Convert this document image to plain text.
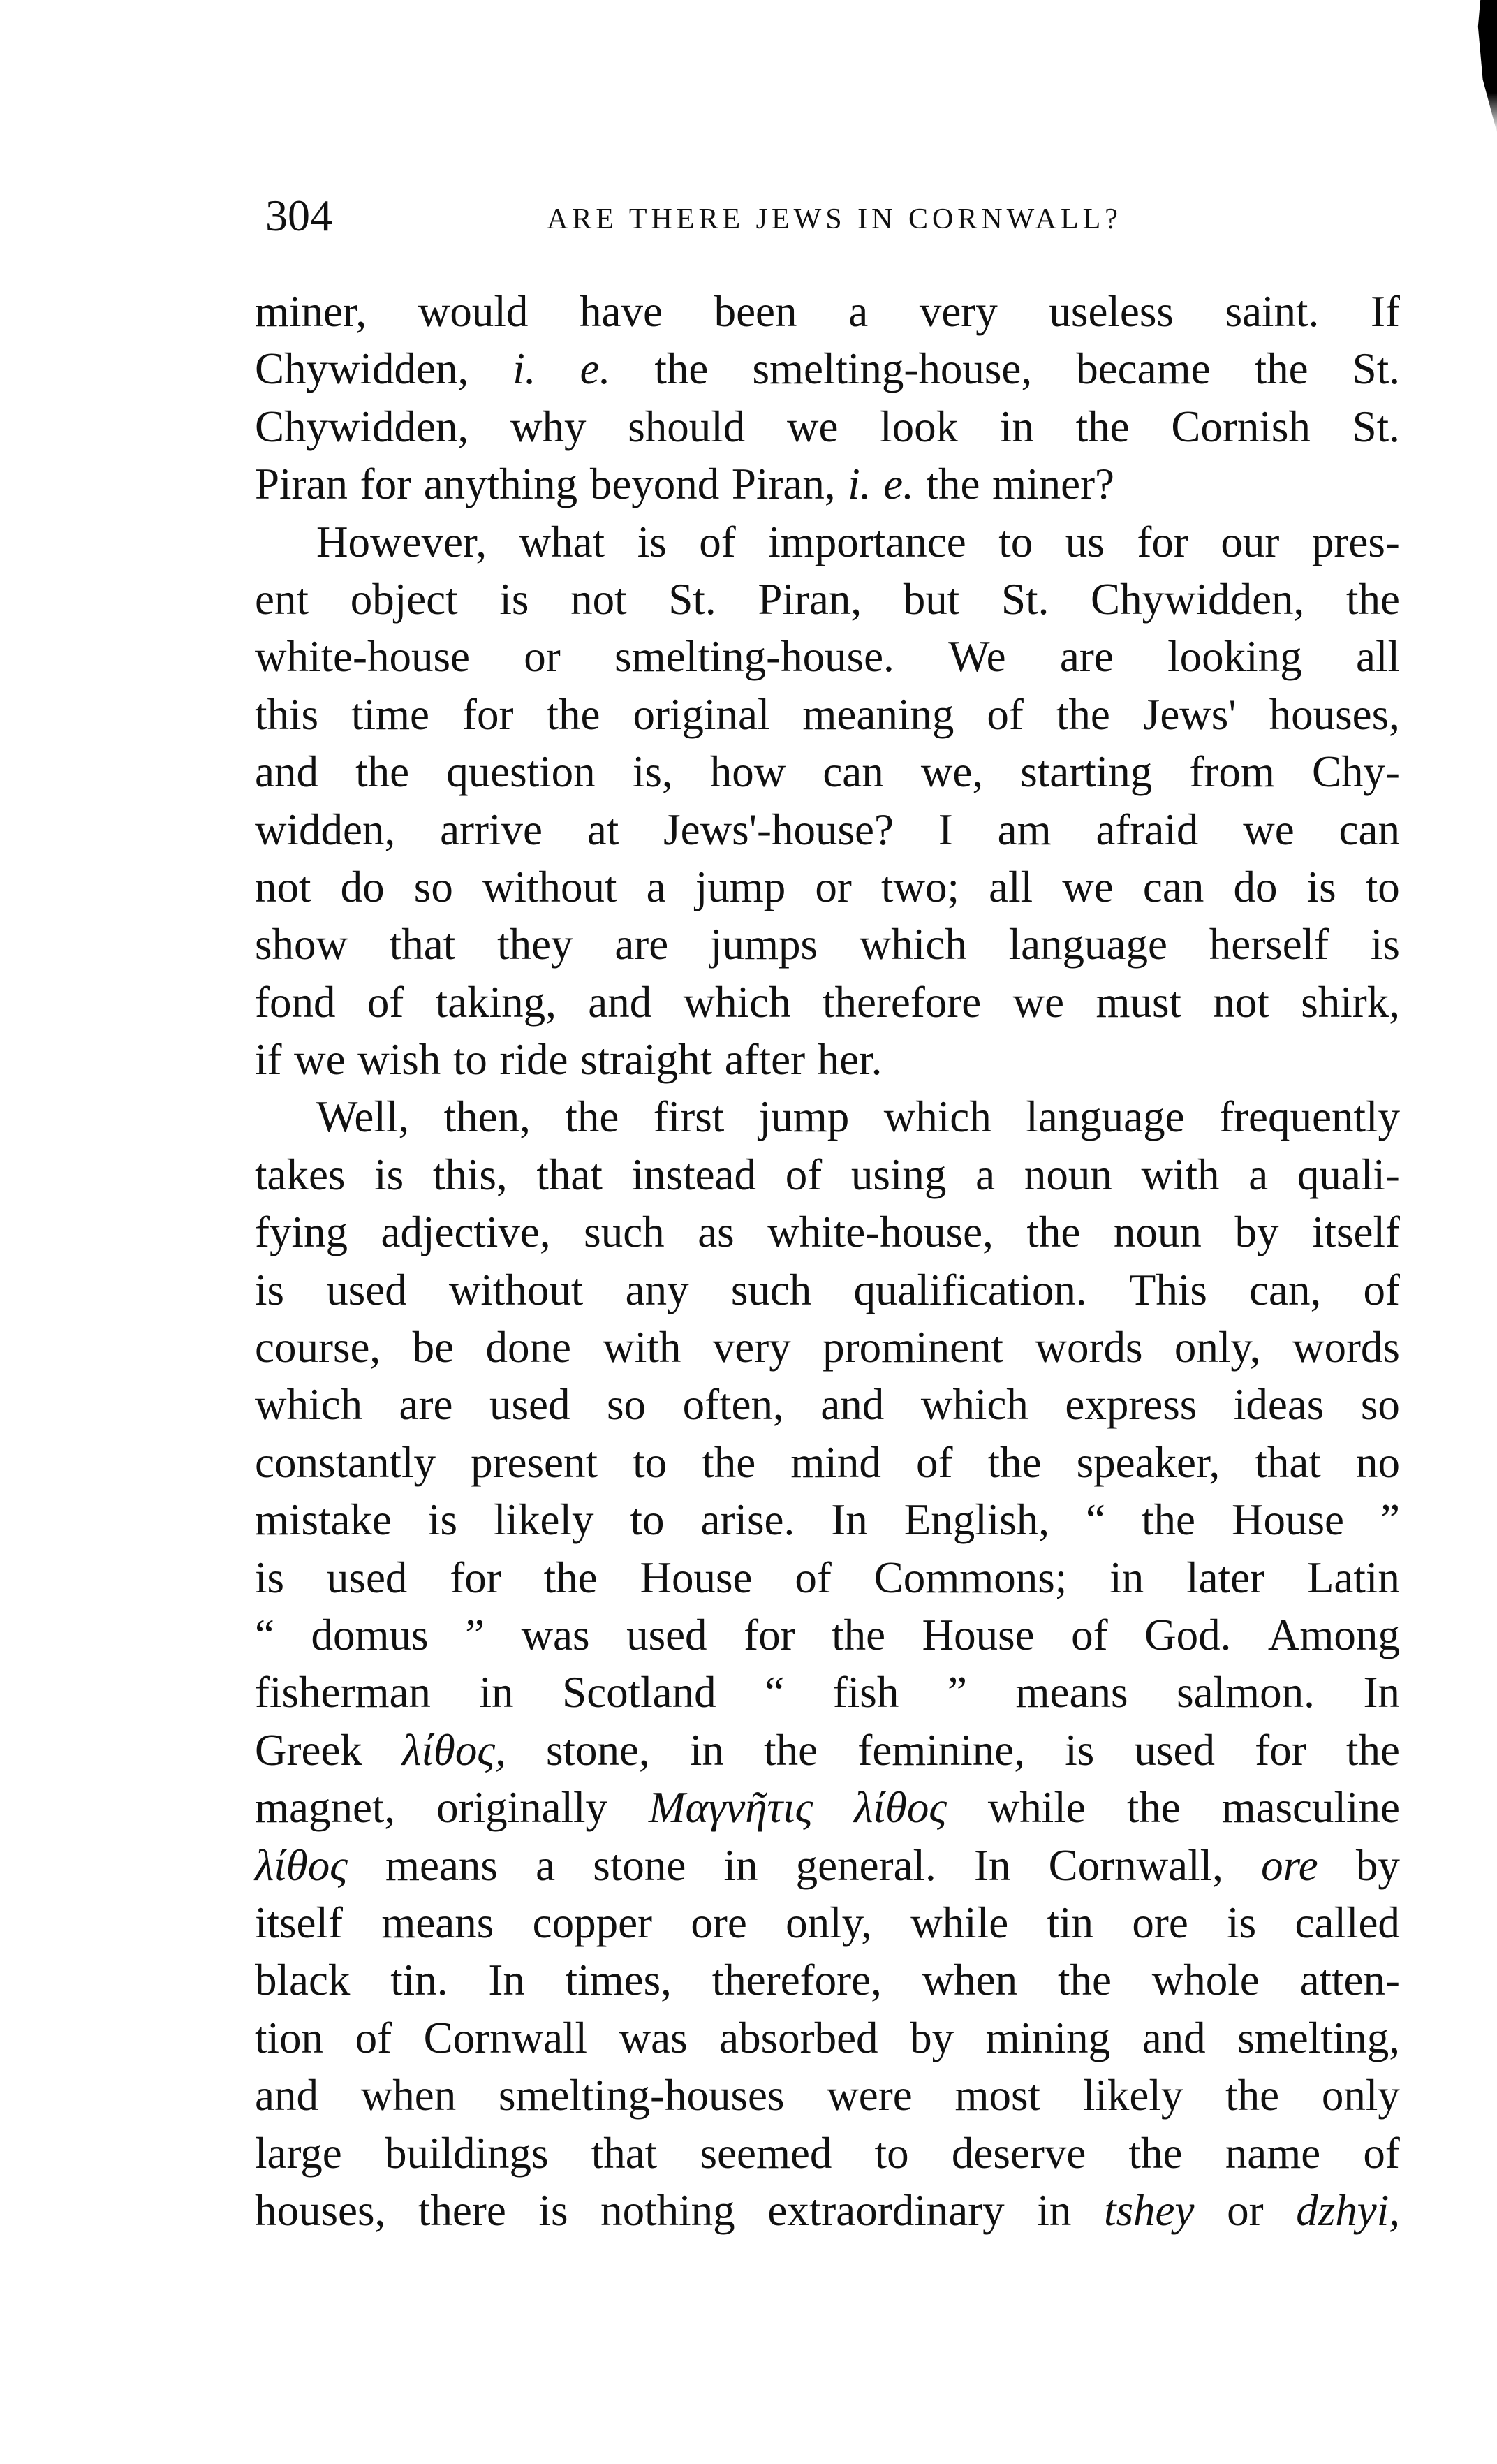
304	ARE THERE JEWS IN CORNWALL?
miner, would have been a very useless saint. If
Chywidden, i. e. the smelting-house, became the St.
Chywidden, why should we look in the Cornish St.
Piran for anything beyond Piran, i. e. the miner?
However, what is of importance to us for our pres-
ent object is not St. Piran, but St. Chywidden, the
white-house or smelting-house. We are looking all
this time for the original meaning of the Jews' houses,
and the question is, how can we, starting from Chy-
widden, arrive at Jews'-house? I am afraid we can
not do so without a jump or two; all we can do is to
show that they are jumps which language herself is
fond of taking, and which therefore we must not shirk,
if we wish to ride straight after her.
Well, then, the first jump which language frequently
takes is this, that instead of using a noun with a quali-
fying adjective, such as white-house, the noun by itself
is used without any such qualification. This can, of
course, be done with very prominent words only, words
which are used so often, and which express ideas so
constantly present to the mind of the speaker, that no
mistake is likely to arise. In English, “ the House ”
is used for the House of Commons; in later Latin
“ domus ” was used for the House of God. Among
fisherman in Scotland “ fish ” means salmon. In
Greek λίθος, stone, in the feminine, is used for the
magnet, originally Μαγνῆτις λίθος while the masculine
λίθος means a stone in general. In Cornwall, ore by
itself means copper ore only, while tin ore is called
black tin. In times, therefore, when the whole atten-
tion of Cornwall was absorbed by mining and smelting,
and when smelting-houses were most likely the only
large buildings that seemed to deserve the name of
houses, there is nothing extraordinary in tshey or dzhyi,
